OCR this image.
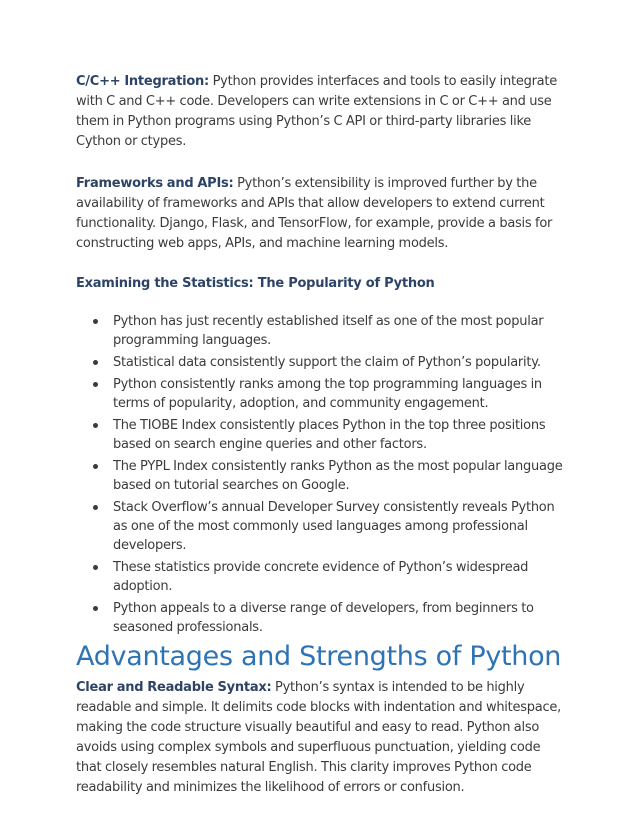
C/C++ Integration: Python provides interfaces and tools to easily integrate with C and C++ code. Developers can write extensions in C or C++ and use them in Python programs using Python’s C API or third-party libraries like Cython or ctypes.

Frameworks and APIs: Python’s extensibility is improved further by the availability of frameworks and APIs that allow developers to extend current functionality. Django, Flask, and TensorFlow, for example, provide a basis for constructing web apps, APIs, and machine learning models.

Examining the Statistics: The Popularity of Python
Python has just recently established itself as one of the most popular programming languages.
Statistical data consistently support the claim of Python’s popularity.
Python consistently ranks among the top programming languages in terms of popularity, adoption, and community engagement.
The TIOBE Index consistently places Python in the top three positions based on search engine queries and other factors.
The PYPL Index consistently ranks Python as the most popular language based on tutorial searches on Google.
Stack Overflow’s annual Developer Survey consistently reveals Python as one of the most commonly used languages among professional developers.
These statistics provide concrete evidence of Python’s widespread adoption.
Python appeals to a diverse range of developers, from beginners to seasoned professionals.
Advantages and Strengths of Python

Clear and Readable Syntax: Python’s syntax is intended to be highly readable and simple. It delimits code blocks with indentation and whitespace, making the code structure visually beautiful and easy to read. Python also avoids using complex symbols and superfluous punctuation, yielding code that closely resembles natural English. This clarity improves Python code readability and minimizes the likelihood of errors or confusion.
